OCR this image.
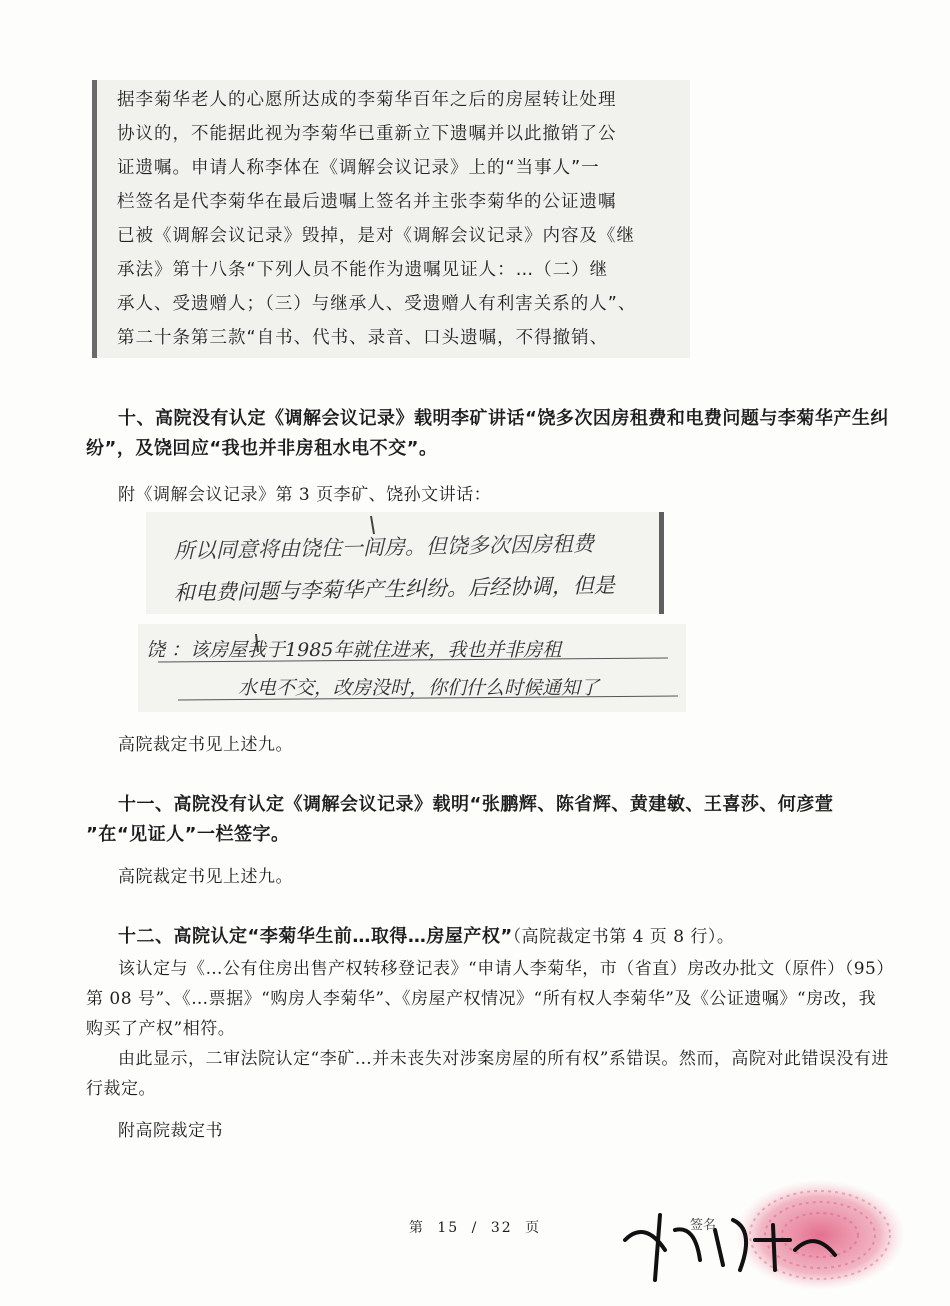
据李菊华老人的心愿所达成的李菊华百年之后的房屋转让处理
协议的，不能据此视为李菊华已重新立下遗嘱并以此撤销了公
证遗嘱。申请人称李体在《调解会议记录》上的“当事人”一
栏签名是代李菊华在最后遗嘱上签名并主张李菊华的公证遗嘱
已被《调解会议记录》毁掉，是对《调解会议记录》内容及《继
承法》第十八条“下列人员不能作为遗嘱见证人：…（二）继
承人、受遗赠人；（三）与继承人、受遗赠人有利害关系的人”、
第二十条第三款“自书、代书、录音、口头遗嘱，不得撤销、
十、高院没有认定《调解会议记录》载明李矿讲话“饶多次因房租费和电费问题与李菊华产生纠纷”，及饶回应“我也并非房租水电不交”。
附《调解会议记录》第 3 页李矿、饶孙文讲话：
所以同意将由饶住一间房。但饶多次因房租费
和电费问题与李菊华产生纠纷。后经协调，但是
饶 ：该房屋我于1985年就住进来，我也并非房租
水电不交，改房没时，你们什么时候通知了
高院裁定书见上述九。
十一、高院没有认定《调解会议记录》载明“张鹏辉、陈省辉、黄建敏、王喜莎、何彦萱 ”在“见证人”一栏签字。
高院裁定书见上述九。
十二、高院认定“李菊华生前…取得…房屋产权”（高院裁定书第 4 页 8 行）。
该认定与《…公有住房出售产权转移登记表》“申请人李菊华，市（省直）房改办批文（原件）（95）第 08 号”、《…票据》“购房人李菊华”、《房屋产权情况》“所有权人李菊华”及《公证遗嘱》“房改，我购买了产权”相符。
由此显示，二审法院认定“李矿…并未丧失对涉案房屋的所有权”系错误。然而，高院对此错误没有进行裁定。
附高院裁定书
第 15 / 32 页	签名
